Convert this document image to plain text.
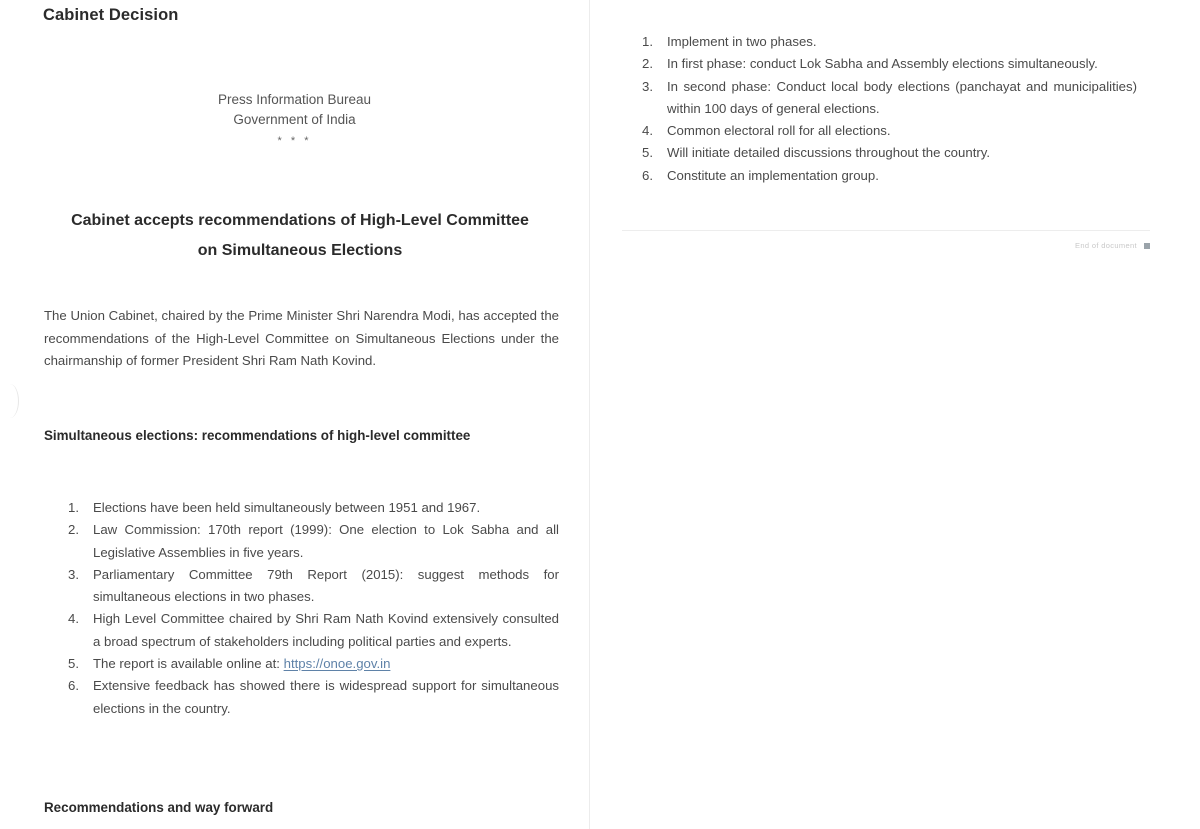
Cabinet Decision
Press Information Bureau
Government of India
* * *
Cabinet accepts recommendations of High-Level Committee on Simultaneous Elections
The Union Cabinet, chaired by the Prime Minister Shri Narendra Modi, has accepted the recommendations of the High-Level Committee on Simultaneous Elections under the chairmanship of former President Shri Ram Nath Kovind.
Simultaneous elections: recommendations of high-level committee
1.	Elections have been held simultaneously between 1951 and 1967.
2.	Law Commission: 170th report (1999): One election to Lok Sabha and all Legislative Assemblies in five years.
3.	Parliamentary Committee 79th Report (2015): suggest methods for simultaneous elections in two phases.
4.	High Level Committee chaired by Shri Ram Nath Kovind extensively consulted a broad spectrum of stakeholders including political parties and experts.
5.	The report is available online at: https://onoe.gov.in
6.	Extensive feedback has showed there is widespread support for simultaneous elections in the country.
Recommendations and way forward
1.	Implement in two phases.
2.	In first phase: conduct Lok Sabha and Assembly elections simultaneously.
3.	In second phase: Conduct local body elections (panchayat and municipalities) within 100 days of general elections.
4.	Common electoral roll for all elections.
5.	Will initiate detailed discussions throughout the country.
6.	Constitute an implementation group.
End of document
